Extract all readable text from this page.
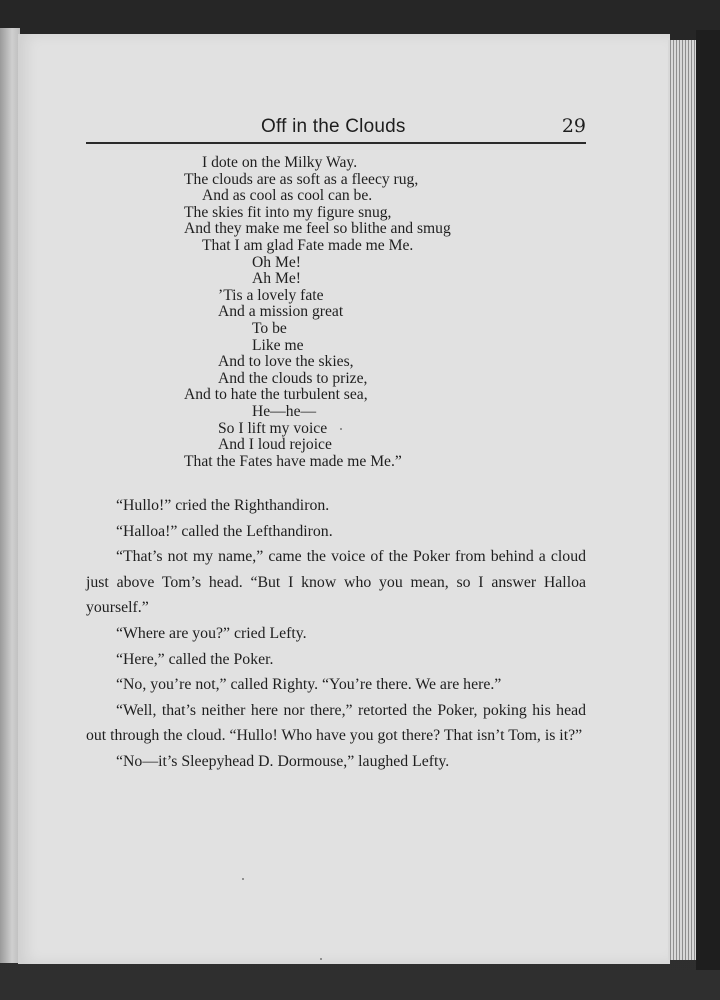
Off in the Clouds	29
I dote on the Milky Way.
The clouds are as soft as a fleecy rug,
And as cool as cool can be.
The skies fit into my figure snug,
And they make me feel so blithe and smug
That I am glad Fate made me Me.
Oh Me!
Ah Me!
’Tis a lovely fate
And a mission great
To be
Like me
And to love the skies,
And the clouds to prize,
And to hate the turbulent sea,
He—he—
So I lift my voice
And I loud rejoice
That the Fates have made me Me.”

“Hullo!” cried the Righthandiron.

“Halloa!” called the Lefthandiron.

“That’s not my name,” came the voice of the Poker from behind a cloud just above Tom’s head. “But I know who you mean, so I answer Halloa yourself.”

“Where are you?” cried Lefty.

“Here,” called the Poker.

“No, you’re not,” called Righty. “You’re there. We are here.”

“Well, that’s neither here nor there,” retorted the Poker, poking his head out through the cloud. “Hullo! Who have you got there? That isn’t Tom, is it?”

“No—it’s Sleepyhead D. Dormouse,” laughed Lefty.
